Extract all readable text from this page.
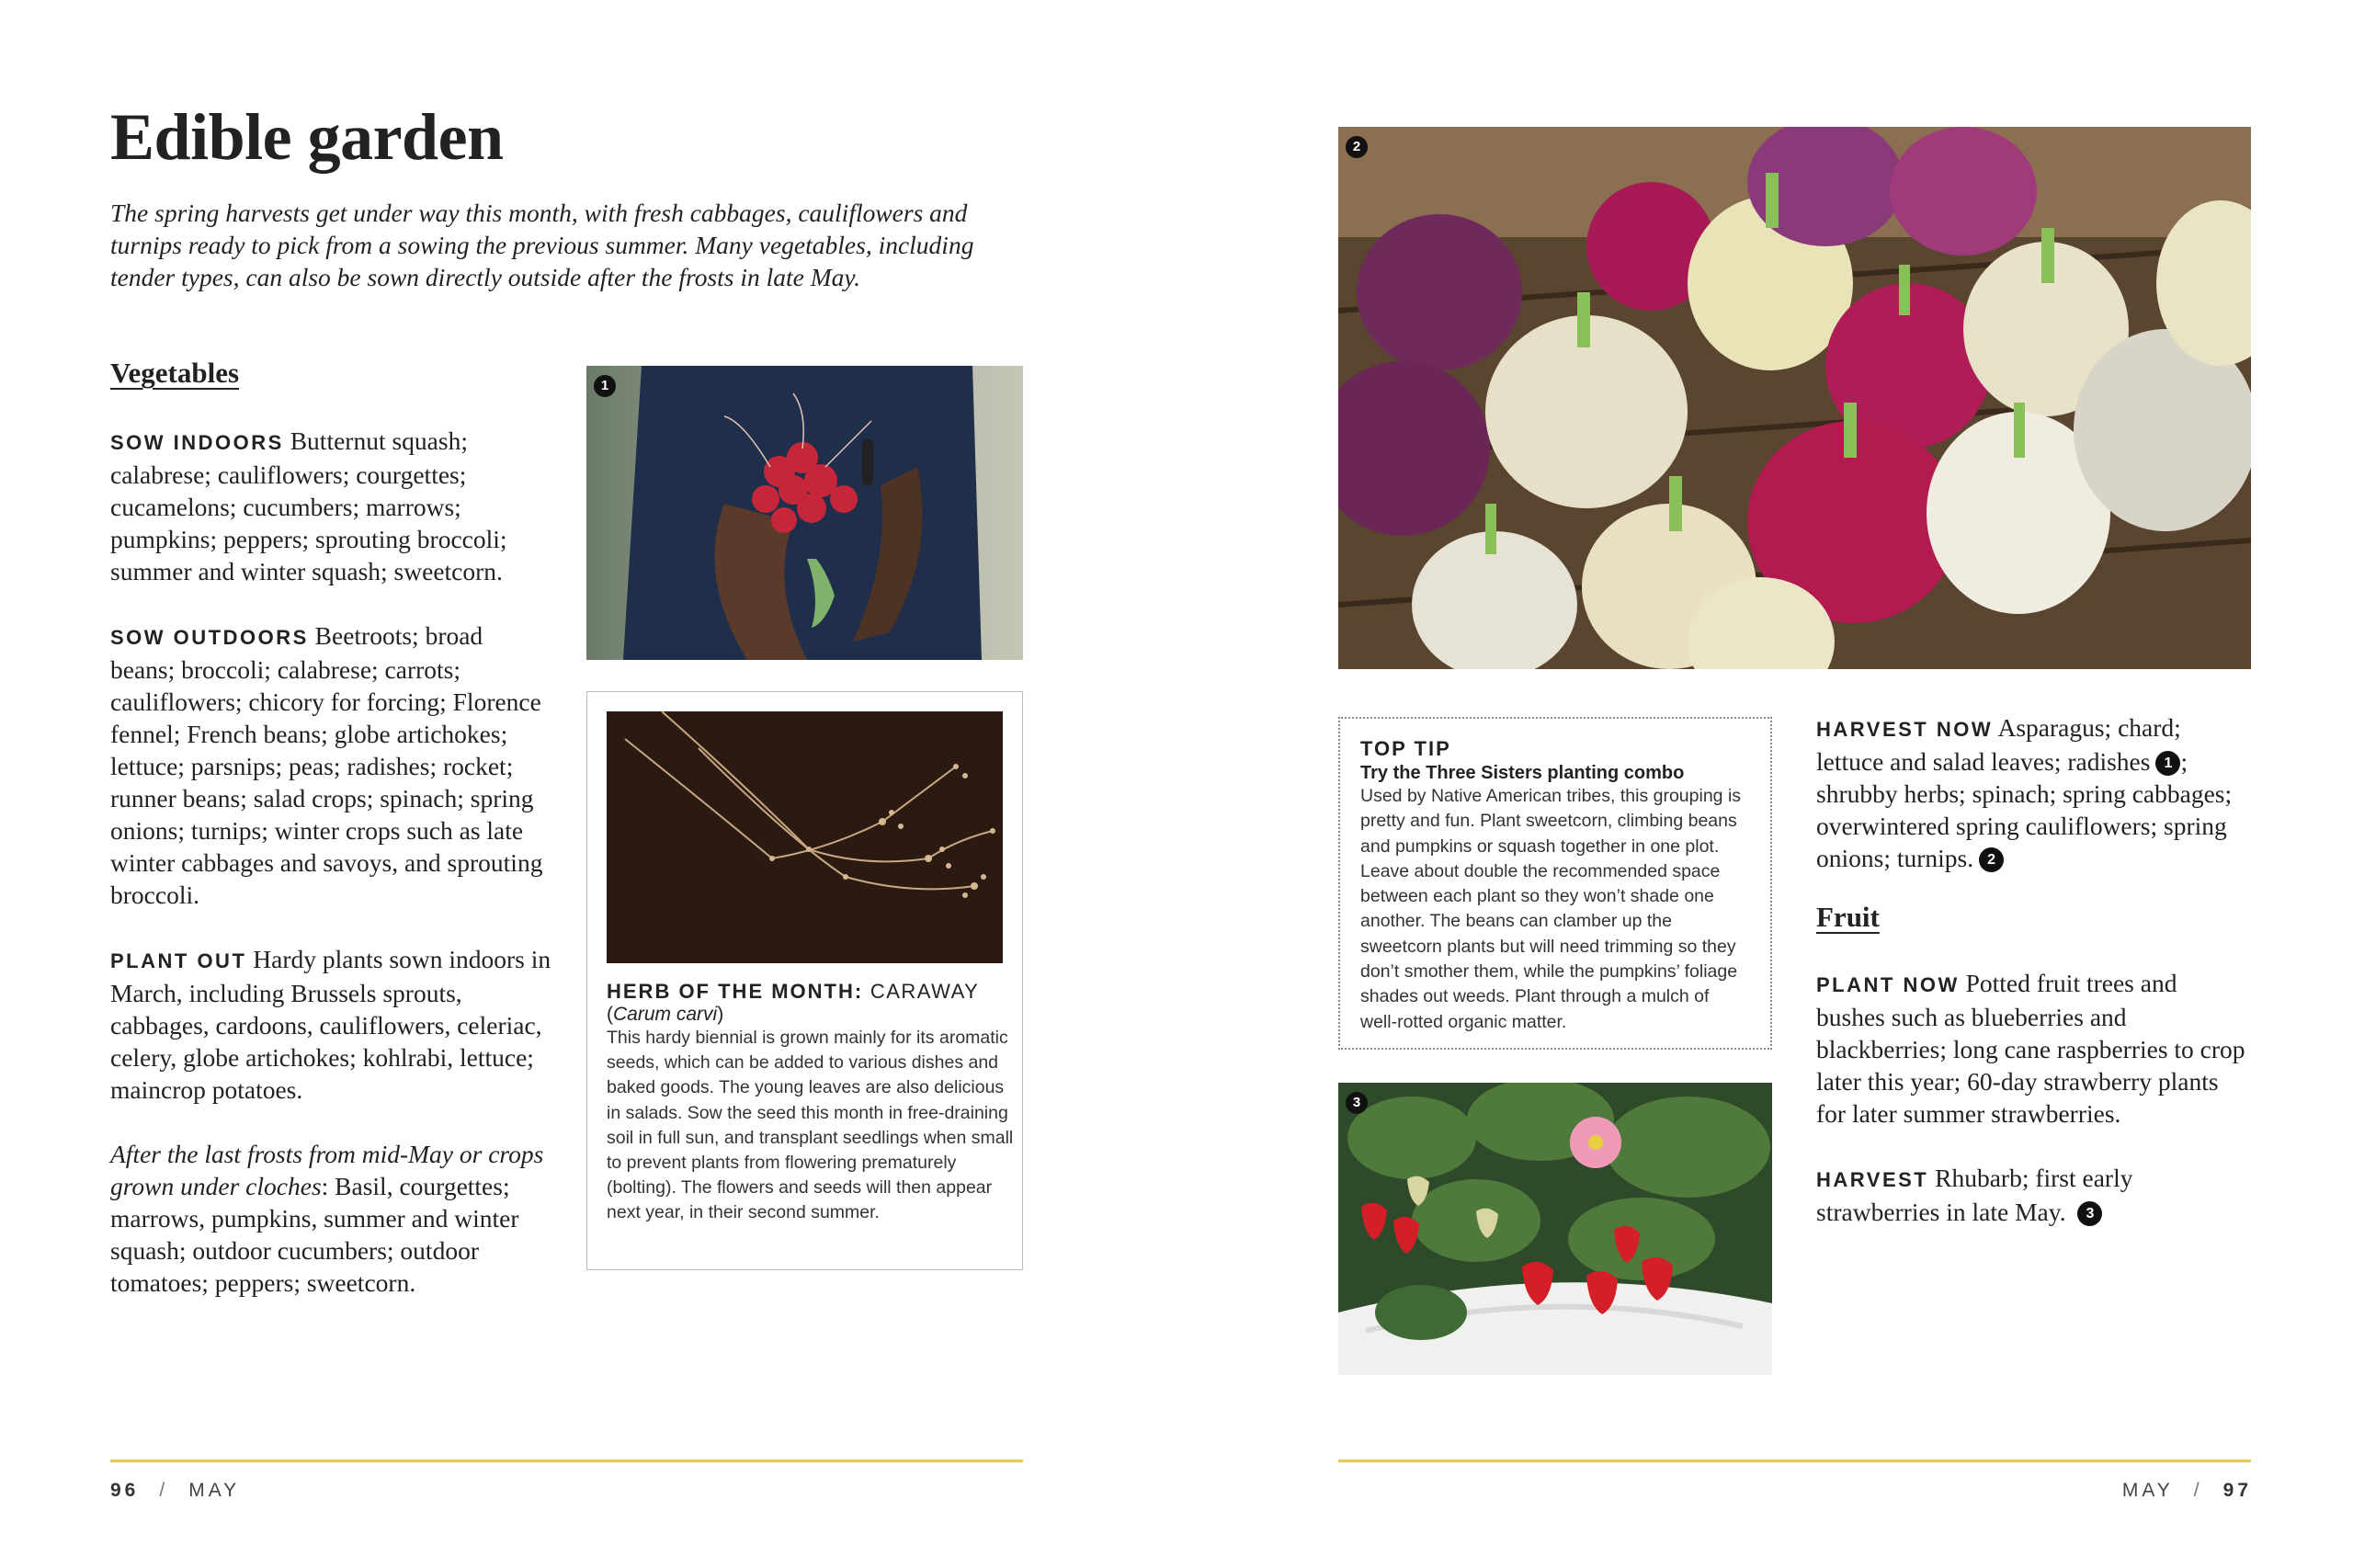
Edible garden

The spring harvests get under way this month, with fresh cabbages, cauliflowers and turnips ready to pick from a sowing the previous summer. Many vegetables, including tender types, can also be sown directly outside after the frosts in late May.

Vegetables

SOW INDOORS Butternut squash; calabrese; cauliflowers; courgettes; cucamelons; cucumbers; marrows; pumpkins; peppers; sprouting broccoli; summer and winter squash; sweetcorn.

SOW OUTDOORS Beetroots; broad beans; broccoli; calabrese; carrots; cauliflowers; chicory for forcing; Florence fennel; French beans; globe artichokes; lettuce; parsnips; peas; radishes; rocket; runner beans; salad crops; spinach; spring onions; turnips; winter crops such as late winter cabbages and savoys, and sprouting broccoli.

PLANT OUT Hardy plants sown indoors in March, including Brussels sprouts, cabbages, cardoons, cauliflowers, celeriac, celery, globe artichokes; kohlrabi, lettuce; maincrop potatoes.

After the last frosts from mid-May or crops grown under cloches: Basil, courgettes; marrows, pumpkins, summer and winter squash; outdoor cucumbers; outdoor tomatoes; peppers; sweetcorn.

1

HERB OF THE MONTH: CARAWAY

(Carum carvi)

This hardy biennial is grown mainly for its aromatic seeds, which can be added to various dishes and baked goods. The young leaves are also delicious in salads. Sow the seed this month in free-draining soil in full sun, and transplant seedlings when small to prevent plants from flowering prematurely (bolting). The flowers and seeds will then appear next year, in their second summer.

2

TOP TIP

Try the Three Sisters planting combo

Used by Native American tribes, this grouping is pretty and fun. Plant sweetcorn, climbing beans and pumpkins or squash together in one plot. Leave about double the recommended space between each plant so they won’t shade one another. The beans can clamber up the sweetcorn plants but will need trimming so they don’t smother them, while the pumpkins’ foliage shades out weeds. Plant through a mulch of well-rotted organic matter.

3

HARVEST NOW Asparagus; chard; lettuce and salad leaves; radishes 1 ; shrubby herbs; spinach; spring cabbages; overwintered spring cauliflowers; spring onions; turnips. 2

Fruit

PLANT NOW Potted fruit trees and bushes such as blueberries and blackberries; long cane raspberries to crop later this year; 60-day strawberry plants for later summer strawberries.

HARVEST Rhubarb; first early strawberries in late May. 3

96 / MAY	MAY / 97
